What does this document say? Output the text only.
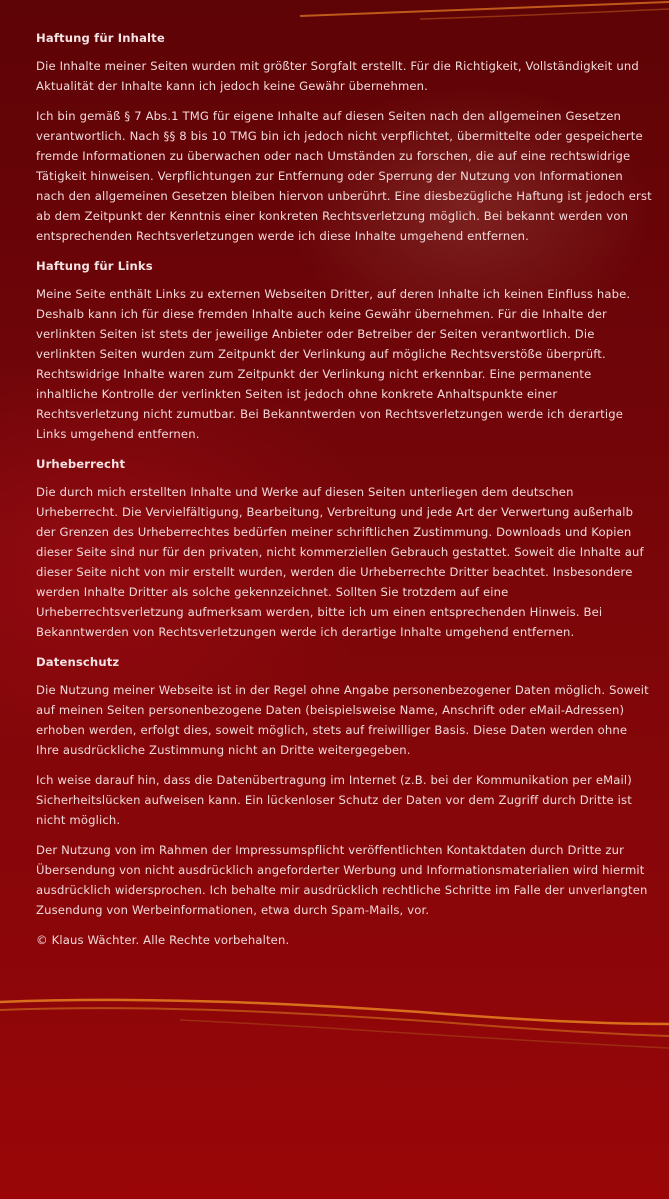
Haftung für Inhalte

Die Inhalte meiner Seiten wurden mit größter Sorgfalt erstellt. Für die Richtigkeit, Vollständigkeit und Aktualität der Inhalte kann ich jedoch keine Gewähr übernehmen.

Ich bin gemäß § 7 Abs.1 TMG für eigene Inhalte auf diesen Seiten nach den allgemeinen Gesetzen verantwortlich. Nach §§ 8 bis 10 TMG bin ich jedoch nicht verpflichtet, übermittelte oder gespeicherte fremde Informationen zu überwachen oder nach Umständen zu forschen, die auf eine rechtswidrige Tätigkeit hinweisen. Verpflichtungen zur Entfernung oder Sperrung der Nutzung von Informationen nach den allgemeinen Gesetzen bleiben hiervon unberührt. Eine diesbezügliche Haftung ist jedoch erst ab dem Zeitpunkt der Kenntnis einer konkreten Rechtsverletzung möglich. Bei bekannt werden von entsprechenden Rechtsverletzungen werde ich diese Inhalte umgehend entfernen.

Haftung für Links

Meine Seite enthält Links zu externen Webseiten Dritter, auf deren Inhalte ich keinen Einfluss habe. Deshalb kann ich für diese fremden Inhalte auch keine Gewähr übernehmen. Für die Inhalte der verlinkten Seiten ist stets der jeweilige Anbieter oder Betreiber der Seiten verantwortlich. Die verlinkten Seiten wurden zum Zeitpunkt der Verlinkung auf mögliche Rechtsverstöße überprüft. Rechtswidrige Inhalte waren zum Zeitpunkt der Verlinkung nicht erkennbar. Eine permanente inhaltliche Kontrolle der verlinkten Seiten ist jedoch ohne konkrete Anhaltspunkte einer Rechtsverletzung nicht zumutbar. Bei Bekanntwerden von Rechtsverletzungen werde ich derartige Links umgehend entfernen.

Urheberrecht

Die durch mich erstellten Inhalte und Werke auf diesen Seiten unterliegen dem deutschen Urheberrecht. Die Vervielfältigung, Bearbeitung, Verbreitung und jede Art der Verwertung außerhalb der Grenzen des Urheberrechtes bedürfen meiner schriftlichen Zustimmung. Downloads und Kopien dieser Seite sind nur für den privaten, nicht kommerziellen Gebrauch gestattet. Soweit die Inhalte auf dieser Seite nicht von mir erstellt wurden, werden die Urheberrechte Dritter beachtet. Insbesondere werden Inhalte Dritter als solche gekennzeichnet. Sollten Sie trotzdem auf eine Urheberrechtsverletzung aufmerksam werden, bitte ich um einen entsprechenden Hinweis. Bei Bekanntwerden von Rechtsverletzungen werde ich derartige Inhalte umgehend entfernen.

Datenschutz

Die Nutzung meiner Webseite ist in der Regel ohne Angabe personenbezogener Daten möglich. Soweit auf meinen Seiten personenbezogene Daten (beispielsweise Name, Anschrift oder eMail-Adressen) erhoben werden, erfolgt dies, soweit möglich, stets auf freiwilliger Basis. Diese Daten werden ohne Ihre ausdrückliche Zustimmung nicht an Dritte weitergegeben.

Ich weise darauf hin, dass die Datenübertragung im Internet (z.B. bei der Kommunikation per eMail) Sicherheitslücken aufweisen kann. Ein lückenloser Schutz der Daten vor dem Zugriff durch Dritte ist nicht möglich.

Der Nutzung von im Rahmen der Impressumspflicht veröffentlichten Kontaktdaten durch Dritte zur Übersendung von nicht ausdrücklich angeforderter Werbung und Informationsmaterialien wird hiermit ausdrücklich widersprochen. Ich behalte mir ausdrücklich rechtliche Schritte im Falle der unverlangten Zusendung von Werbeinformationen, etwa durch Spam-Mails, vor.

© Klaus Wächter. Alle Rechte vorbehalten.
